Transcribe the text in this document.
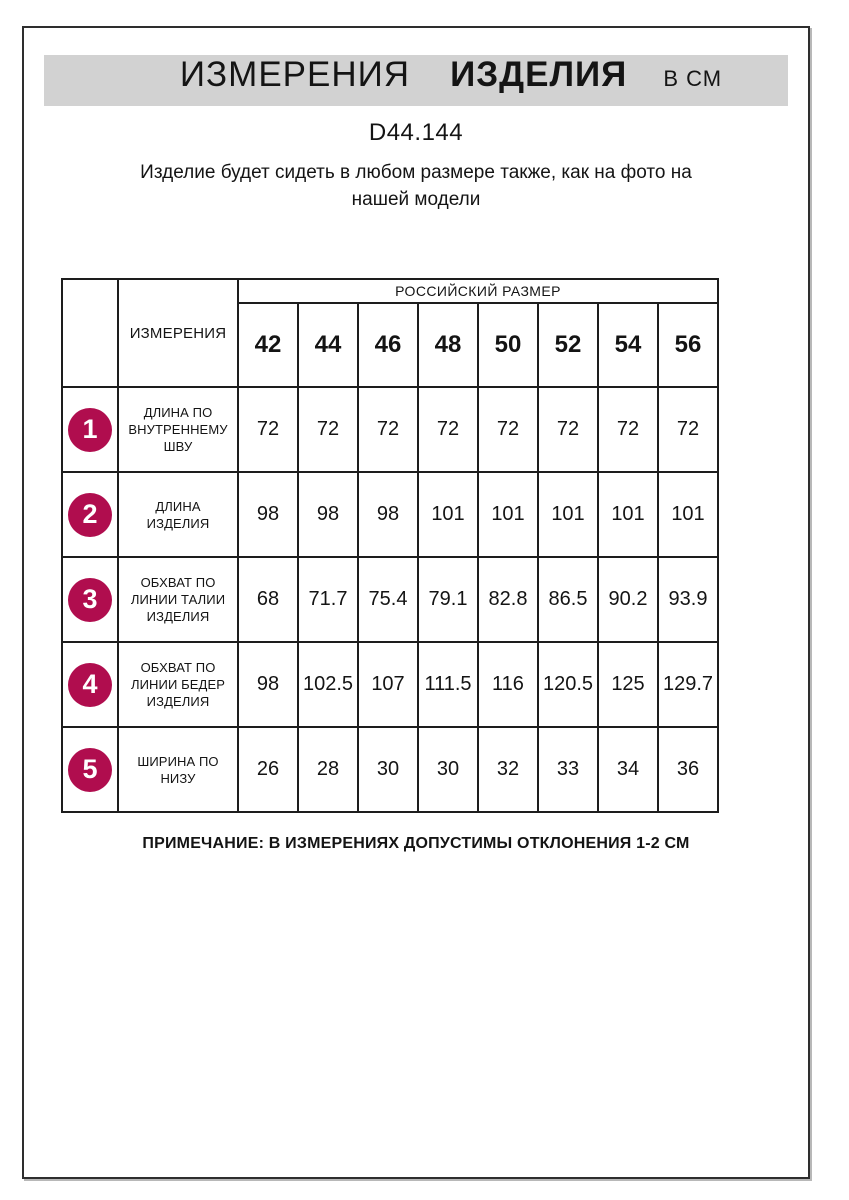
ИЗМЕРЕНИЯ ИЗДЕЛИЯ В СМ
D44.144
Изделие будет сидеть в любом размере также, как на фото на нашей модели
	ИЗМЕРЕНИЯ	РОССИЙСКИЙ РАЗМЕР							
		42	44	46	48	50	52	54	56

1	ДЛИНА ПО ВНУТРЕННЕМУ ШВУ	72	72	72	72	72	72	72	72

2	ДЛИНА ИЗДЕЛИЯ	98	98	98	101	101	101	101	101

3	ОБХВАТ ПО ЛИНИИ ТАЛИИ ИЗДЕЛИЯ	68	71.7	75.4	79.1	82.8	86.5	90.2	93.9

4	ОБХВАТ ПО ЛИНИИ БЕДЕР ИЗДЕЛИЯ	98	102.5	107	111.5	116	120.5	125	129.7

5	ШИРИНА ПО НИЗУ	26	28	30	30	32	33	34	36
ПРИМЕЧАНИЕ: В ИЗМЕРЕНИЯХ ДОПУСТИМЫ ОТКЛОНЕНИЯ 1-2 СМ
